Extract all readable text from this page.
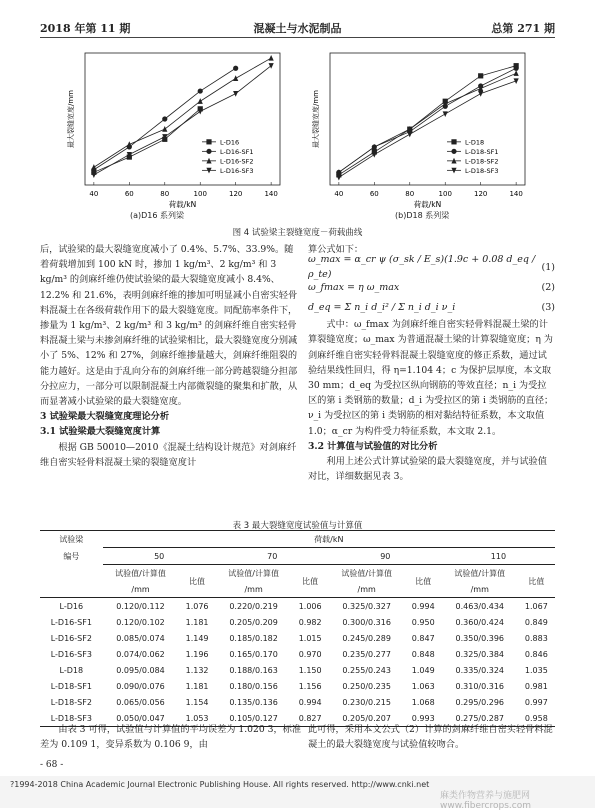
2018 年第 11 期	混凝土与水泥制品	总第 271 期
40	60	80	100	120	140
荷载/kN
最大裂缝宽度/mm	L-D16
L-D16-SF1
L-D16-SF2
L-D16-SF3
40	60	80	100	120	140
荷载/kN
最大裂缝宽度/mm	L-D18
L-D18-SF1
L-D18-SF2
L-D18-SF3
(a)D16 系列梁	(b)D18 系列梁
图 4 试验梁主裂缝宽度－荷载曲线

后，试验梁的最大裂缝宽度减小了 0.4%、5.7%、33.9%。随着荷载增加到 100 kN 时，掺加 1 kg/m³、2 kg/m³ 和 3 kg/m³ 的剑麻纤维仍使试验梁的最大裂缝宽度减小 8.4%、12.2% 和 21.6%，表明剑麻纤维的掺加可明显减小自密实轻骨料混凝土在各级荷载作用下的最大裂缝宽度。同配筋率条件下，掺量为 1 kg/m³、2 kg/m³ 和 3 kg/m³ 的剑麻纤维自密实轻骨料混凝土梁与未掺剑麻纤维的试验梁相比，最大裂缝宽度分别减小了 5%、12% 和 27%，剑麻纤维掺量越大，剑麻纤维阻裂的能力越好。这是由于乱向分布的剑麻纤维一部分跨越裂缝分担部分拉应力，一部分可以限制混凝土内部微裂缝的聚集和扩散，从而显著减小试验梁的最大裂缝宽度。

3 试验梁最大裂缝宽度理论分析

3.1 试验梁最大裂缝宽度计算

根据 GB 50010—2010《混凝土结构设计规范》对剑麻纤维自密实轻骨料混凝土梁的裂缝宽度计

算公式如下：

ω_max = α_cr ψ (σ_sk / E_s)(1.9c + 0.08 d_eq / ρ_te)
(1)
ω_fmax = η ω_max	(2)
d_eq = Σ n_i d_i² / Σ n_i d_i ν_i	(3)

式中：ω_fmax 为剑麻纤维自密实轻骨料混凝土梁的计算裂缝宽度；ω_max 为普通混凝土梁的计算裂缝宽度；η 为剑麻纤维自密实轻骨料混凝土裂缝宽度的修正系数，通过试验结果线性回归，得 η=1.104 4；c 为保护层厚度，本文取 30 mm；d_eq 为受拉区纵向钢筋的等效直径；n_i 为受拉区的第 i 类钢筋的数量；d_i 为受拉区的第 i 类钢筋的直径；ν_i 为受拉区的第 i 类钢筋的相对黏结特征系数，本文取值 1.0；α_cr 为构件受力特征系数，本文取 2.1。

3.2 计算值与试验值的对比分析

利用上述公式计算试验梁的最大裂缝宽度，并与试验值对比，详细数据见表 3。

表 3 最大裂缝宽度试验值与计算值
试验梁	荷载/kN							
编号	50		70		90		110	
	试验值/计算值	比值	试验值/计算值	比值	试验值/计算值	比值	试验值/计算值	比值
	/mm		/mm		/mm		/mm	
L-D16	0.120/0.112	1.076	0.220/0.219	1.006	0.325/0.327	0.994	0.463/0.434	1.067
L-D16-SF1	0.120/0.102	1.181	0.205/0.209	0.982	0.300/0.316	0.950	0.360/0.424	0.849
L-D16-SF2	0.085/0.074	1.149	0.185/0.182	1.015	0.245/0.289	0.847	0.350/0.396	0.883
L-D16-SF3	0.074/0.062	1.196	0.165/0.170	0.970	0.235/0.277	0.848	0.325/0.384	0.846
L-D18	0.095/0.084	1.132	0.188/0.163	1.150	0.255/0.243	1.049	0.335/0.324	1.035
L-D18-SF1	0.090/0.076	1.181	0.180/0.156	1.156	0.250/0.235	1.063	0.310/0.316	0.981
L-D18-SF2	0.065/0.056	1.154	0.135/0.136	0.994	0.230/0.215	1.068	0.295/0.296	0.997
L-D18-SF3	0.050/0.047	1.053	0.105/0.127	0.827	0.205/0.207	0.993	0.275/0.287	0.958

由表 3 可得，试验值与计算值的平均误差为 1.020 3，标准差为 0.109 1，变异系数为 0.106 9，由

此可得，采用本文公式（2）计算的剑麻纤维自密实轻骨料混凝土的最大裂缝宽度与试验值较吻合。

- 68 -
?1994-2018 China Academic Journal Electronic Publishing House. All rights reserved. http://www.cnki.net
麻类作物营养与施肥网 www.fibercrops.com
